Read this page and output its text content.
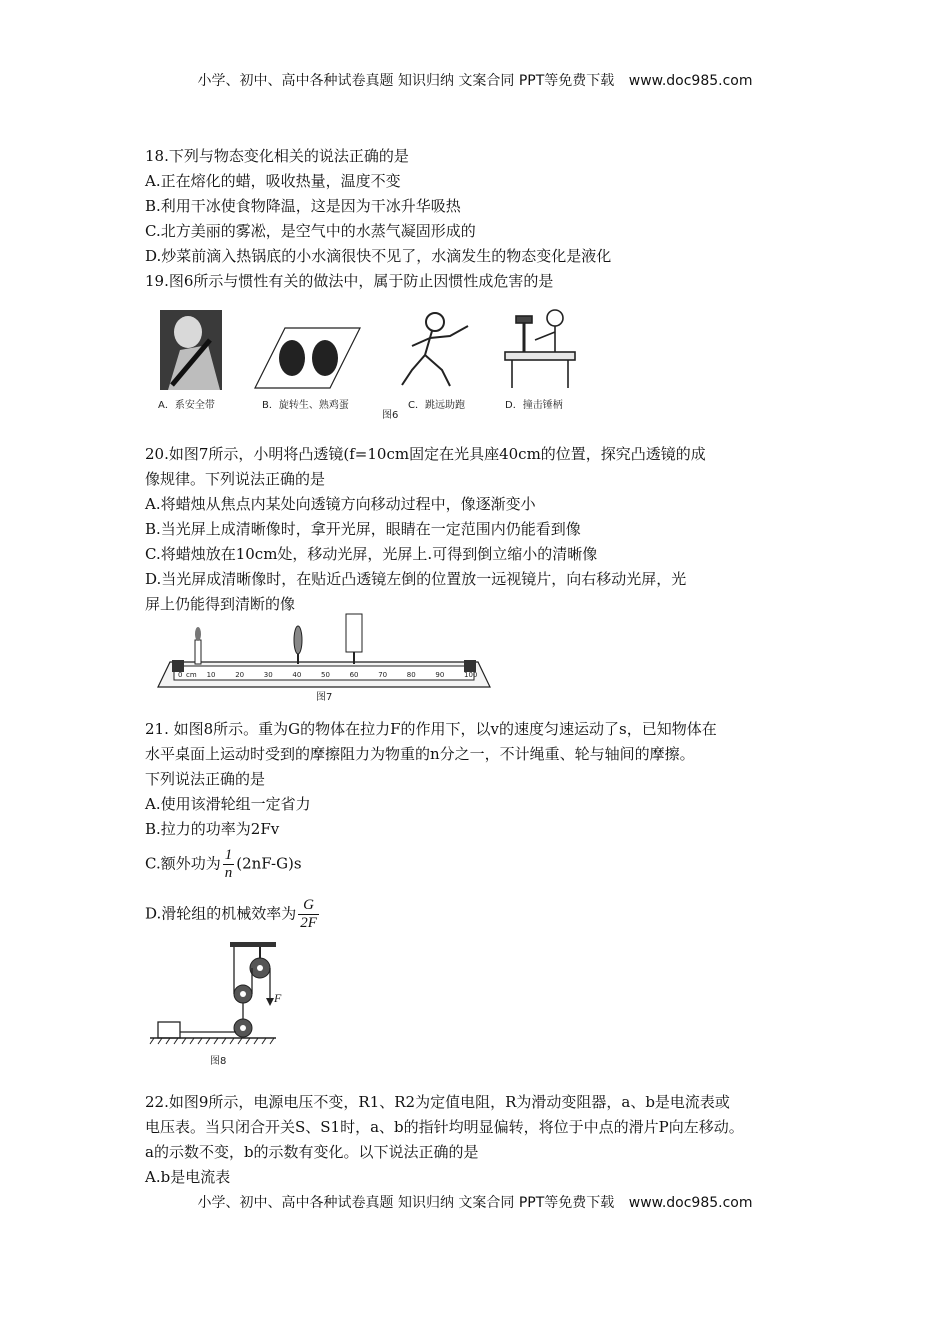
小学、初中、高中各种试卷真题 知识归纳 文案合同 PPT等免费下载 www.doc985.com
18.下列与物态变化相关的说法正确的是
A.正在熔化的蜡，吸收热量，温度不变
B.利用干冰使食物降温，这是因为干冰升华吸热
C.北方美丽的雾凇，是空气中的水蒸气凝固形成的
D.炒菜前滴入热锅底的小水滴很快不见了，水滴发生的物态变化是液化
19.图6所示与惯性有关的做法中，属于防止因惯性成危害的是
A．系安全带	B．旋转生、熟鸡蛋	C．跳远助跑	D．撞击锤柄
图6
20.如图7所示，小明将凸透镜(f=10cm固定在光具座40cm的位置，探究凸透镜的成
像规律。下列说法正确的是
A.将蜡烛从焦点内某处向透镜方向移动过程中，像逐渐变小
B.当光屏上成清晰像时，拿开光屏，眼睛在一定范围内仍能看到像
C.将蜡烛放在10cm处，移动光屏，光屏上.可得到倒立缩小的清晰像
D.当光屏成清晰像时，在贴近凸透镜左倒的位置放一远视镜片，向右移动光屏，光
屏上仍能得到清断的像
0 cm 10	20	30	40	50	60	70	80	90	100
图7
21. 如图8所示。重为G的物体在拉力F的作用下，以v的速度匀速运动了s，已知物体在
水平桌面上运动时受到的摩擦阻力为物重的n分之一，不计绳重、轮与轴间的摩擦。
下列说法正确的是
A.使用该滑轮组一定省力
B.拉力的功率为2Fv
C.额外功为 $\frac{1}{n} (2nF-G)s$
D.滑轮组的机械效率为 $\frac{G}{2F}$
F
图8
22.如图9所示，电源电压不变，R1、R2为定值电阻，R为滑动变阻器，a、b是电流表或
电压表。当只闭合开关S、S1时，a、b的指针均明显偏转，将位于中点的滑片P向左移动。
a的示数不变，b的示数有变化。以下说法正确的是
A.b是电流表
小学、初中、高中各种试卷真题 知识归纳 文案合同 PPT等免费下载 www.doc985.com
